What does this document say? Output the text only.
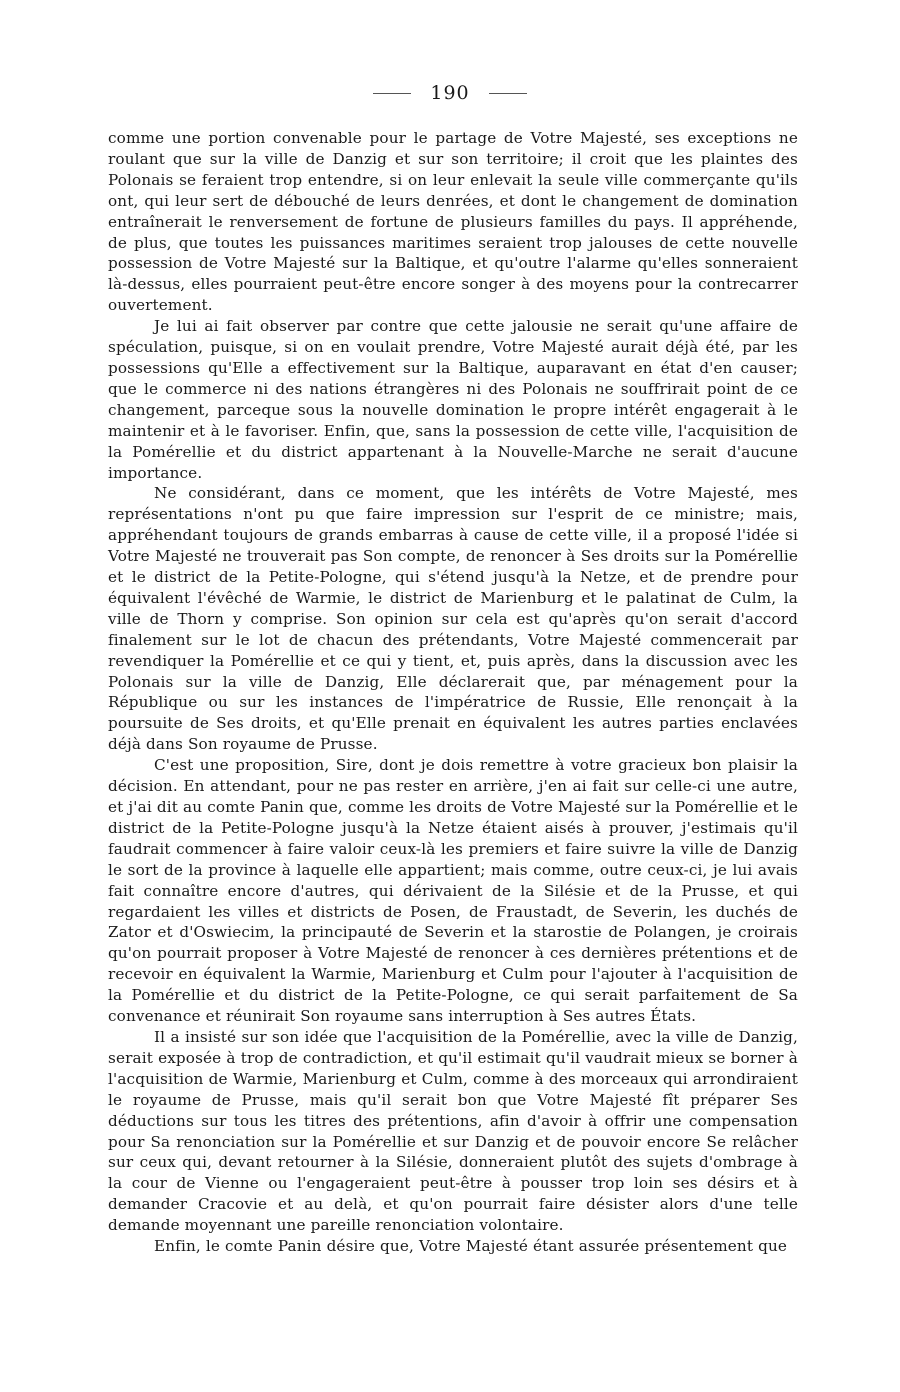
190

comme une portion convenable pour le partage de Votre Majesté, ses exceptions ne roulant que sur la ville de Danzig et sur son territoire; il croit que les plaintes des Polonais se feraient trop entendre, si on leur enlevait la seule ville commerçante qu'ils ont, qui leur sert de débouché de leurs denrées, et dont le changement de domination entraînerait le renversement de fortune de plusieurs familles du pays. Il appréhende, de plus, que toutes les puissances maritimes seraient trop jalouses de cette nouvelle possession de Votre Majesté sur la Baltique, et qu'outre l'alarme qu'elles sonneraient là-dessus, elles pourraient peut-être encore songer à des moyens pour la contrecarrer ouvertement.

Je lui ai fait observer par contre que cette jalousie ne serait qu'une affaire de spéculation, puisque, si on en voulait prendre, Votre Majesté aurait déjà été, par les possessions qu'Elle a effectivement sur la Baltique, auparavant en état d'en causer; que le commerce ni des nations étrangères ni des Polonais ne souffrirait point de ce changement, parceque sous la nouvelle domination le propre intérêt engagerait à le maintenir et à le favoriser. Enfin, que, sans la possession de cette ville, l'acquisition de la Pomérellie et du district appartenant à la Nouvelle-Marche ne serait d'aucune importance.

Ne considérant, dans ce moment, que les intérêts de Votre Majesté, mes représentations n'ont pu que faire impression sur l'esprit de ce ministre; mais, appréhendant toujours de grands embarras à cause de cette ville, il a proposé l'idée si Votre Majesté ne trouverait pas Son compte, de renoncer à Ses droits sur la Pomérellie et le district de la Petite-Pologne, qui s'étend jusqu'à la Netze, et de prendre pour équivalent l'évêché de Warmie, le district de Marienburg et le palatinat de Culm, la ville de Thorn y comprise. Son opinion sur cela est qu'après qu'on serait d'accord finalement sur le lot de chacun des prétendants, Votre Majesté commencerait par revendiquer la Pomérellie et ce qui y tient, et, puis après, dans la discussion avec les Polonais sur la ville de Danzig, Elle déclarerait que, par ménagement pour la République ou sur les instances de l'impératrice de Russie, Elle renonçait à la poursuite de Ses droits, et qu'Elle prenait en équivalent les autres parties enclavées déjà dans Son royaume de Prusse.

C'est une proposition, Sire, dont je dois remettre à votre gracieux bon plaisir la décision. En attendant, pour ne pas rester en arrière, j'en ai fait sur celle-ci une autre, et j'ai dit au comte Panin que, comme les droits de Votre Majesté sur la Pomérellie et le district de la Petite-Pologne jusqu'à la Netze étaient aisés à prouver, j'estimais qu'il faudrait commencer à faire valoir ceux-là les premiers et faire suivre la ville de Danzig le sort de la province à laquelle elle appartient; mais comme, outre ceux-ci, je lui avais fait connaître encore d'autres, qui dérivaient de la Silésie et de la Prusse, et qui regardaient les villes et districts de Posen, de Fraustadt, de Severin, les duchés de Zator et d'Oswiecim, la principauté de Severin et la starostie de Polangen, je croirais qu'on pourrait proposer à Votre Majesté de renoncer à ces dernières prétentions et de recevoir en équivalent la Warmie, Marienburg et Culm pour l'ajouter à l'acquisition de la Pomérellie et du district de la Petite-Pologne, ce qui serait parfaitement de Sa convenance et réunirait Son royaume sans interruption à Ses autres États.

Il a insisté sur son idée que l'acquisition de la Pomérellie, avec la ville de Danzig, serait exposée à trop de contradiction, et qu'il estimait qu'il vaudrait mieux se borner à l'acquisition de Warmie, Marienburg et Culm, comme à des morceaux qui arrondiraient le royaume de Prusse, mais qu'il serait bon que Votre Majesté fît préparer Ses déductions sur tous les titres des prétentions, afin d'avoir à offrir une compensation pour Sa renonciation sur la Pomérellie et sur Danzig et de pouvoir encore Se relâcher sur ceux qui, devant retourner à la Silésie, donneraient plutôt des sujets d'ombrage à la cour de Vienne ou l'engageraient peut-être à pousser trop loin ses désirs et à demander Cracovie et au delà, et qu'on pourrait faire désister alors d'une telle demande moyennant une pareille renonciation volontaire.

Enfin, le comte Panin désire que, Votre Majesté étant assurée présentement que
